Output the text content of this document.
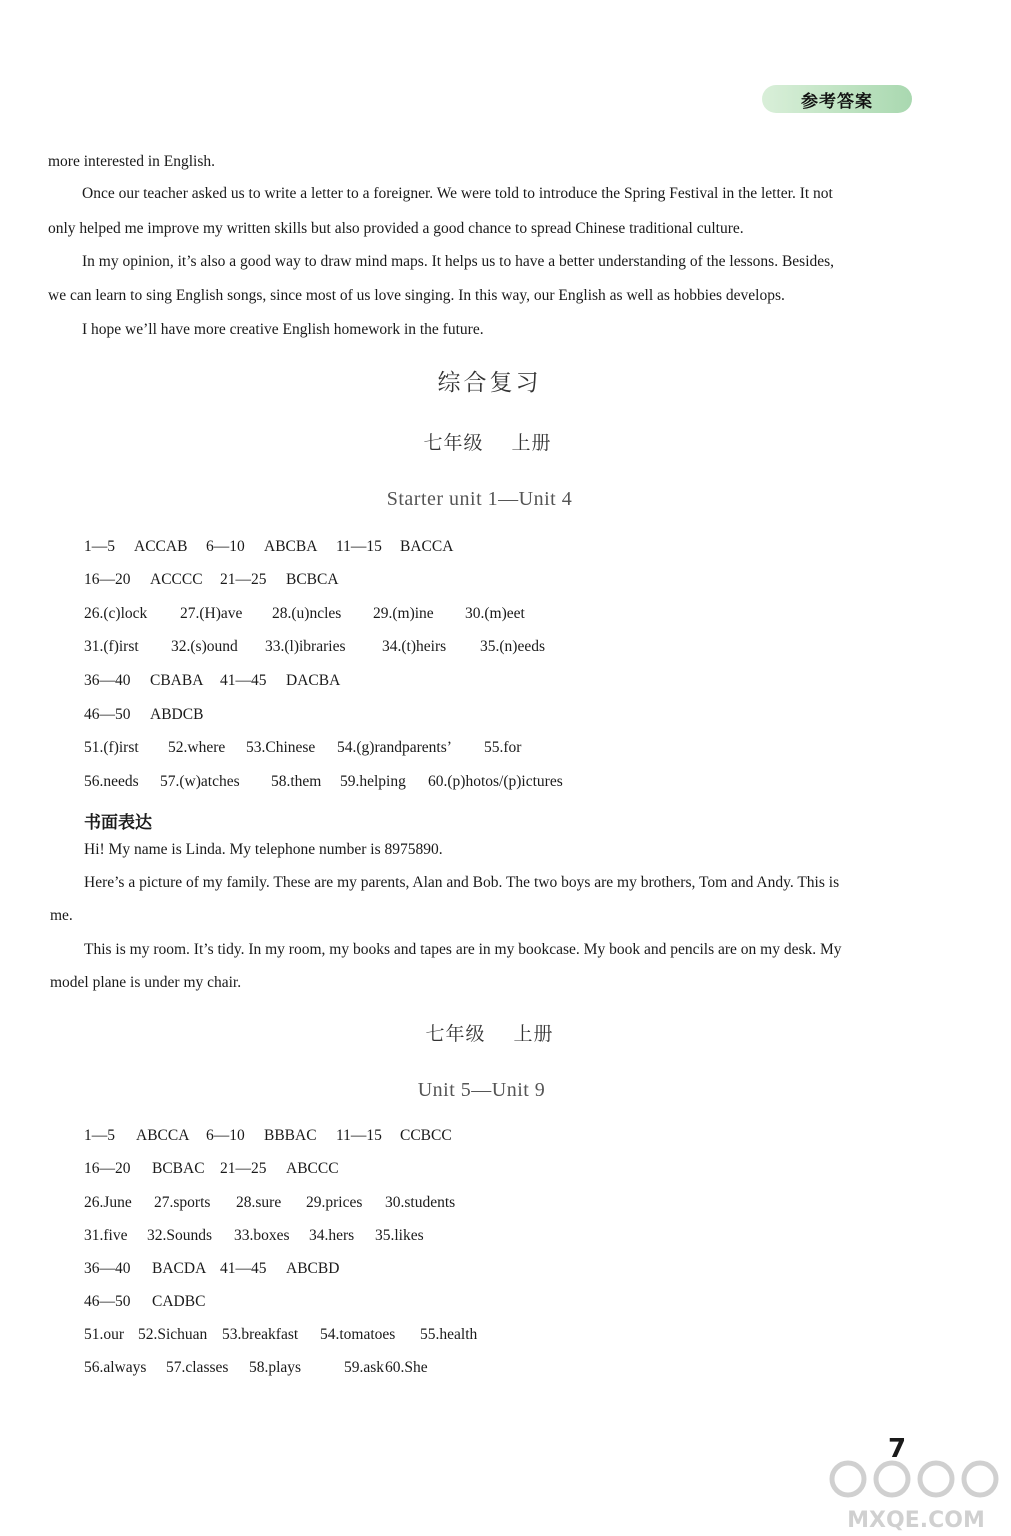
参考答案
more interested in English.
Once our teacher asked us to write a letter to a foreigner. We were told to introduce the Spring Festival in the letter. It not
only helped me improve my written skills but also provided a good chance to spread Chinese traditional culture.
In my opinion, it’s also a good way to draw mind maps. It helps us to have a better understanding of the lessons. Besides,
we can learn to sing English songs, since most of us love singing. In this way, our English as well as hobbies develops.
I hope we’ll have more creative English homework in the future.
综合复习
七年级 上册
Starter unit 1—Unit 4
1—5 ACCAB 6—10 ABCBA 11—15 BACCA
16—20 ACCCC 21—25 BCBCA
26.(c)lock 27.(H)ave 28.(u)ncles 29.(m)ine 30.(m)eet
31.(f)irst 32.(s)ound 33.(l)ibraries 34.(t)heirs 35.(n)eeds
36—40 CBABA 41—45 DACBA
46—50 ABDCB
51.(f)irst 52.where 53.Chinese 54.(g)randparents’ 55.for
56.needs 57.(w)atches 58.them 59.helping 60.(p)hotos/(p)ictures
书面表达
Hi! My name is Linda. My telephone number is 8975890.
Here’s a picture of my family. These are my parents, Alan and Bob. The two boys are my brothers, Tom and Andy. This is
me.
This is my room. It’s tidy. In my room, my books and tapes are in my bookcase. My book and pencils are on my desk. My
model plane is under my chair.
七年级 上册
Unit 5—Unit 9
1—5 ABCCA 6—10 BBBAC 11—15 CCBCC
16—20 BCBAC 21—25 ABCCC
26.June 27.sports 28.sure 29.prices 30.students
31.five 32.Sounds 33.boxes 34.hers 35.likes
36—40 BACDA 41—45 ABCBD
46—50 CADBC
51.our 52.Sichuan 53.breakfast 54.tomatoes 55.health
56.always 57.classes 58.plays	59.ask60.She
7
MXQE.COM
